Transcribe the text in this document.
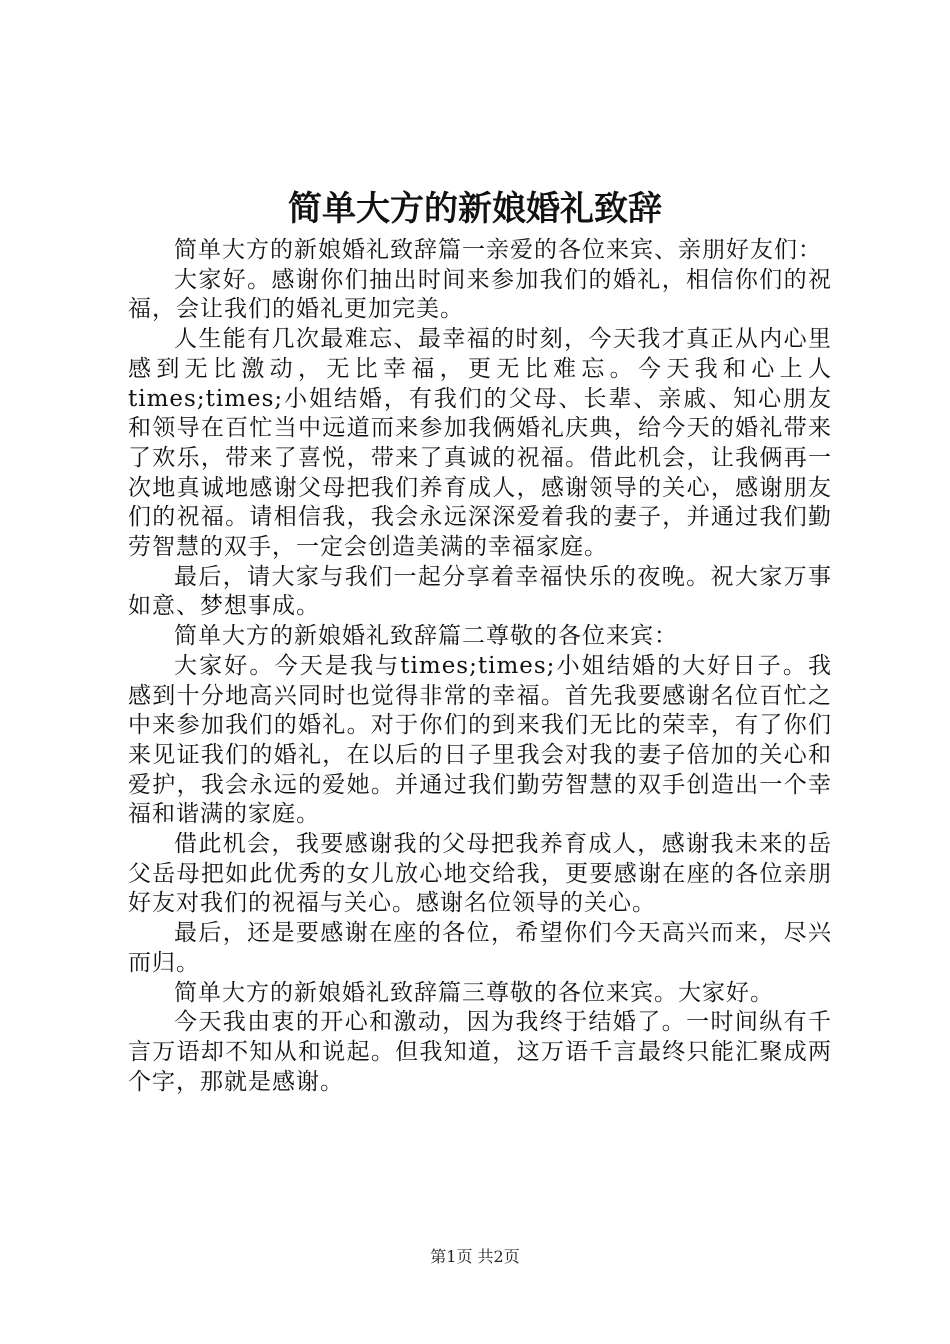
简单大方的新娘婚礼致辞

简单大方的新娘婚礼致辞篇一亲爱的各位来宾、亲朋好友们：

大家好。感谢你们抽出时间来参加我们的婚礼，相信你们的祝福，会让我们的婚礼更加完美。

人生能有几次最难忘、最幸福的时刻，今天我才真正从内心里感到无比激动，无比幸福，更无比难忘。今天我和心上人times;times;小姐结婚，有我们的父母、长辈、亲戚、知心朋友和领导在百忙当中远道而来参加我俩婚礼庆典，给今天的婚礼带来了欢乐，带来了喜悦，带来了真诚的祝福。借此机会，让我俩再一次地真诚地感谢父母把我们养育成人，感谢领导的关心，感谢朋友们的祝福。请相信我，我会永远深深爱着我的妻子，并通过我们勤劳智慧的双手，一定会创造美满的幸福家庭。

最后，请大家与我们一起分享着幸福快乐的夜晚。祝大家万事如意、梦想事成。

简单大方的新娘婚礼致辞篇二尊敬的各位来宾：

大家好。今天是我与times;times;小姐结婚的大好日子。我感到十分地高兴同时也觉得非常的幸福。首先我要感谢名位百忙之中来参加我们的婚礼。对于你们的到来我们无比的荣幸，有了你们来见证我们的婚礼，在以后的日子里我会对我的妻子倍加的关心和爱护，我会永远的爱她。并通过我们勤劳智慧的双手创造出一个幸福和谐满的家庭。

借此机会，我要感谢我的父母把我养育成人，感谢我未来的岳父岳母把如此优秀的女儿放心地交给我，更要感谢在座的各位亲朋好友对我们的祝福与关心。感谢名位领导的关心。

最后，还是要感谢在座的各位，希望你们今天高兴而来，尽兴而归。

简单大方的新娘婚礼致辞篇三尊敬的各位来宾。大家好。

今天我由衷的开心和激动，因为我终于结婚了。一时间纵有千言万语却不知从和说起。但我知道，这万语千言最终只能汇聚成两个字，那就是感谢。

第1页 共2页
